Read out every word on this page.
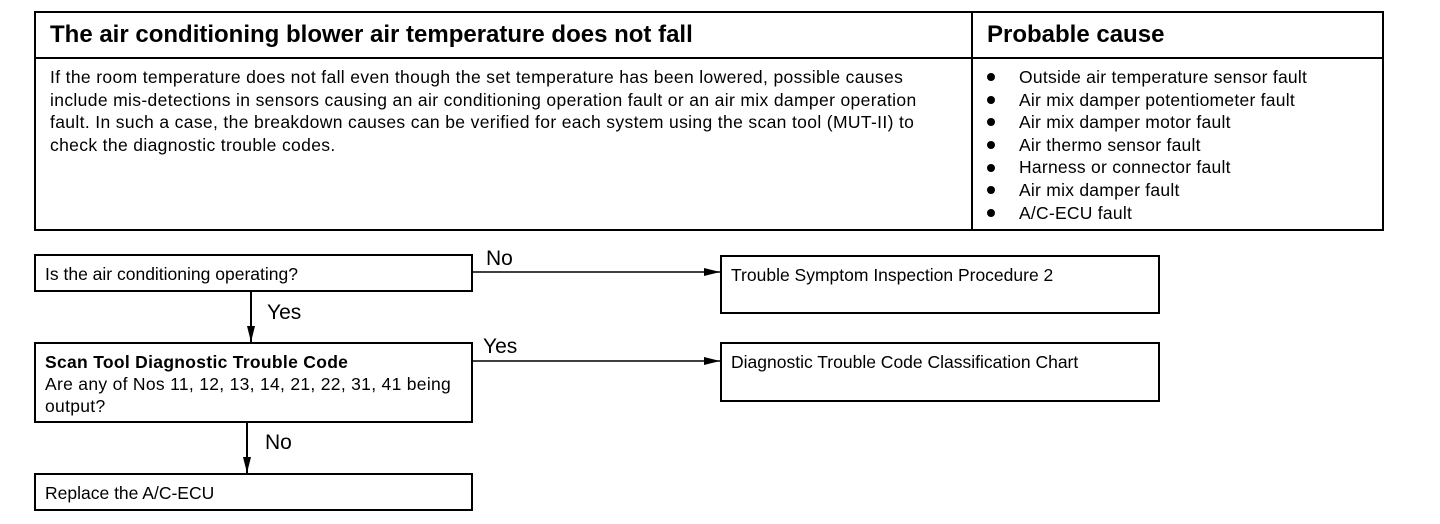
The air conditioning blower air temperature does not fall
If the room temperature does not fall even though the set temperature has been lowered, possible causes include mis-detections in sensors causing an air conditioning operation fault or an air mix damper operation fault. In such a case, the breakdown causes can be verified for each system using the scan tool (MUT-II) to check the diagnostic trouble codes.
Probable cause
Outside air temperature sensor fault
Air mix damper potentiometer fault
Air mix damper motor fault
Air thermo sensor fault
Harness or connector fault
Air mix damper fault
A/C-ECU fault
Is the air conditioning operating?
No
Yes
Trouble Symptom Inspection Procedure 2
Scan Tool Diagnostic Trouble Code
Are any of Nos 11, 12, 13, 14, 21, 22, 31, 41 being output?
Yes
No
Diagnostic Trouble Code Classification Chart
Replace the A/C-ECU
